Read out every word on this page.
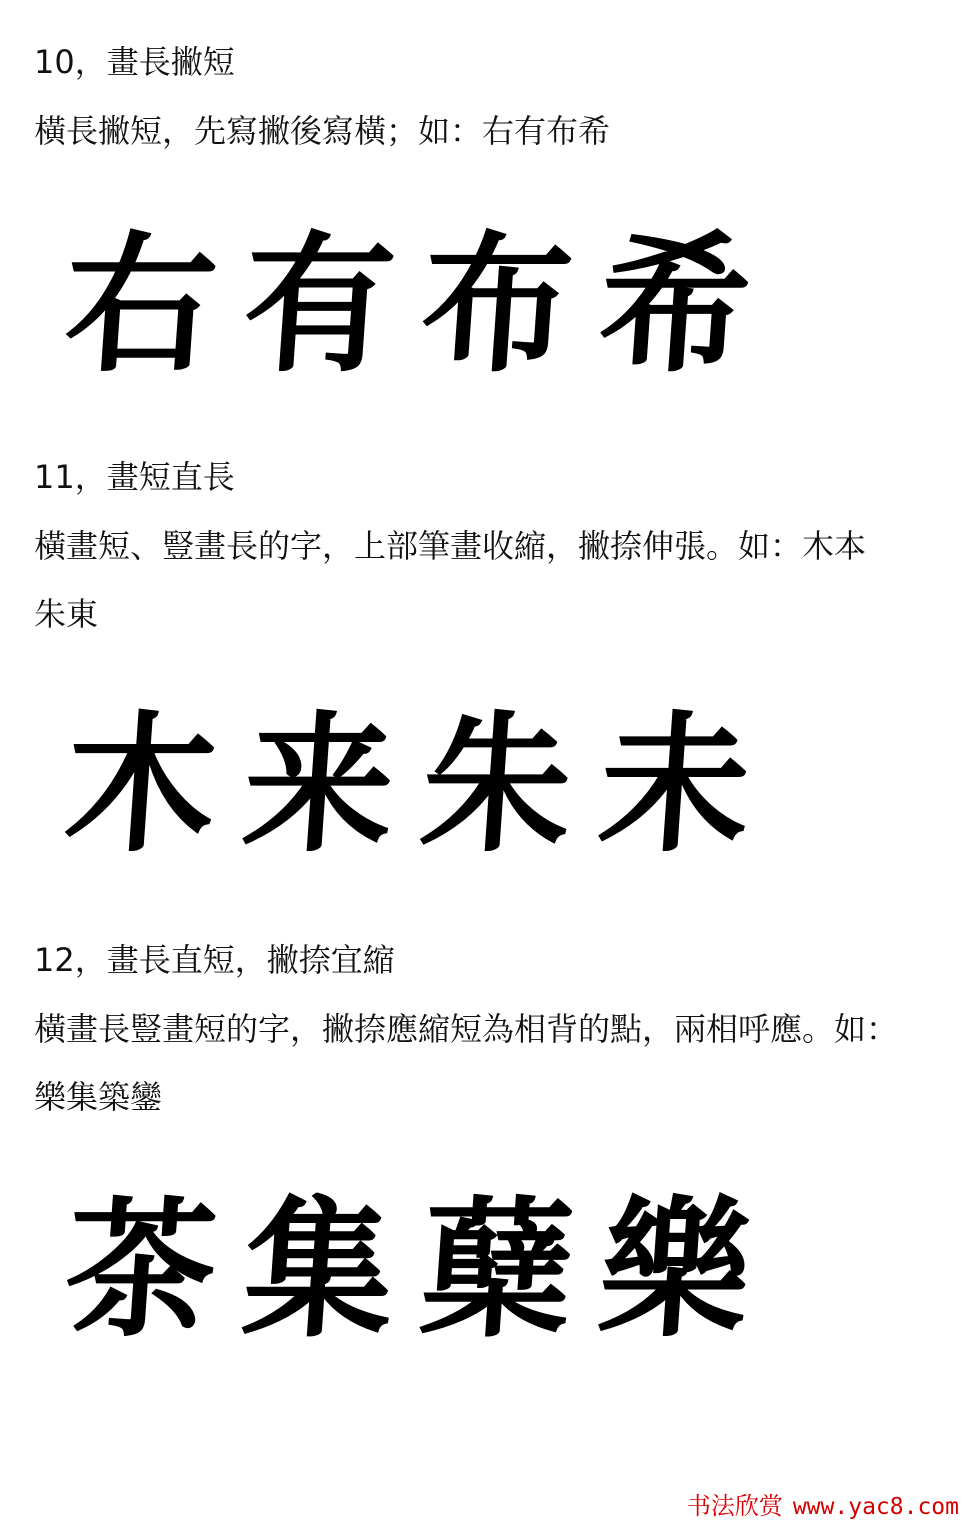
10，畫長撇短
橫長撇短，先寫撇後寫橫；如：右有布希
右 有 布 希
11，畫短直長
橫畫短、豎畫長的字，上部筆畫收縮，撇捺伸張。如：木本
朱東
木 来 朱 未
12，畫長直短，撇捺宜縮
橫畫長豎畫短的字，撇捺應縮短為相背的點，兩相呼應。如：
樂集築鑾
茶 集 蘖 樂
书法欣赏 www.yac8.com
